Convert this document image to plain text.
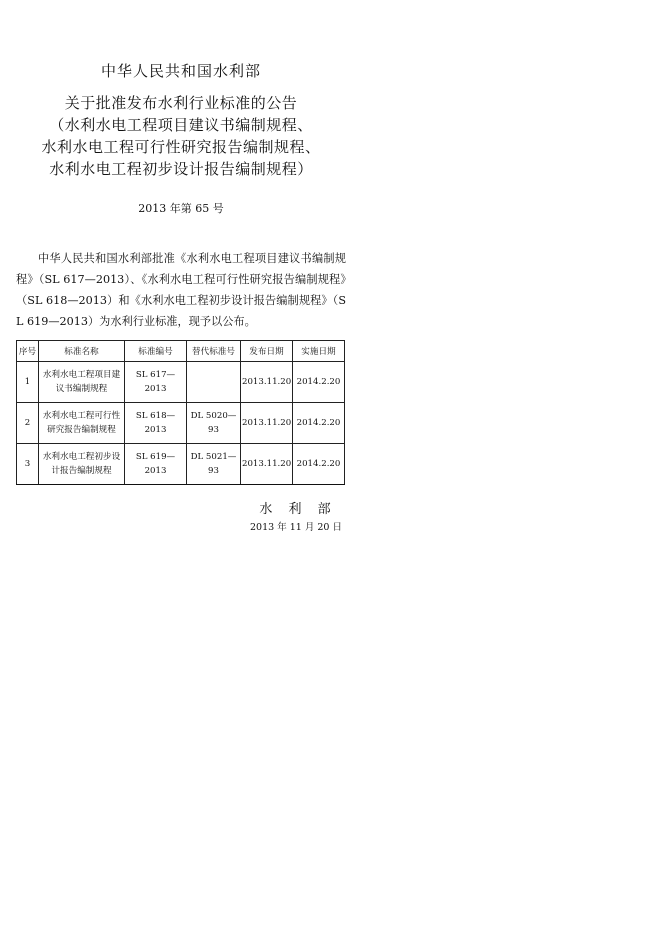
中华人民共和国水利部
关于批准发布水利行业标准的公告
（水利水电工程项目建议书编制规程、
水利水电工程可行性研究报告编制规程、
水利水电工程初步设计报告编制规程）
2013 年第 65 号
中华人民共和国水利部批准《水利水电工程项目建议书编制规程》（SL 617—2013）、《水利水电工程可行性研究报告编制规程》（SL 618—2013）和《水利水电工程初步设计报告编制规程》（SL 619—2013）为水利行业标准，现予以公布。
序号	标准名称	标准编号	替代标准号	发布日期	实施日期
1	水利水电工程项目建议书编制规程	SL 617—2013		2013.11.20	2014.2.20
2	水利水电工程可行性研究报告编制规程	SL 618—2013	DL 5020—93	2013.11.20	2014.2.20
3	水利水电工程初步设计报告编制规程	SL 619—2013	DL 5021—93	2013.11.20	2014.2.20
水 利 部
2013 年 11 月 20 日
